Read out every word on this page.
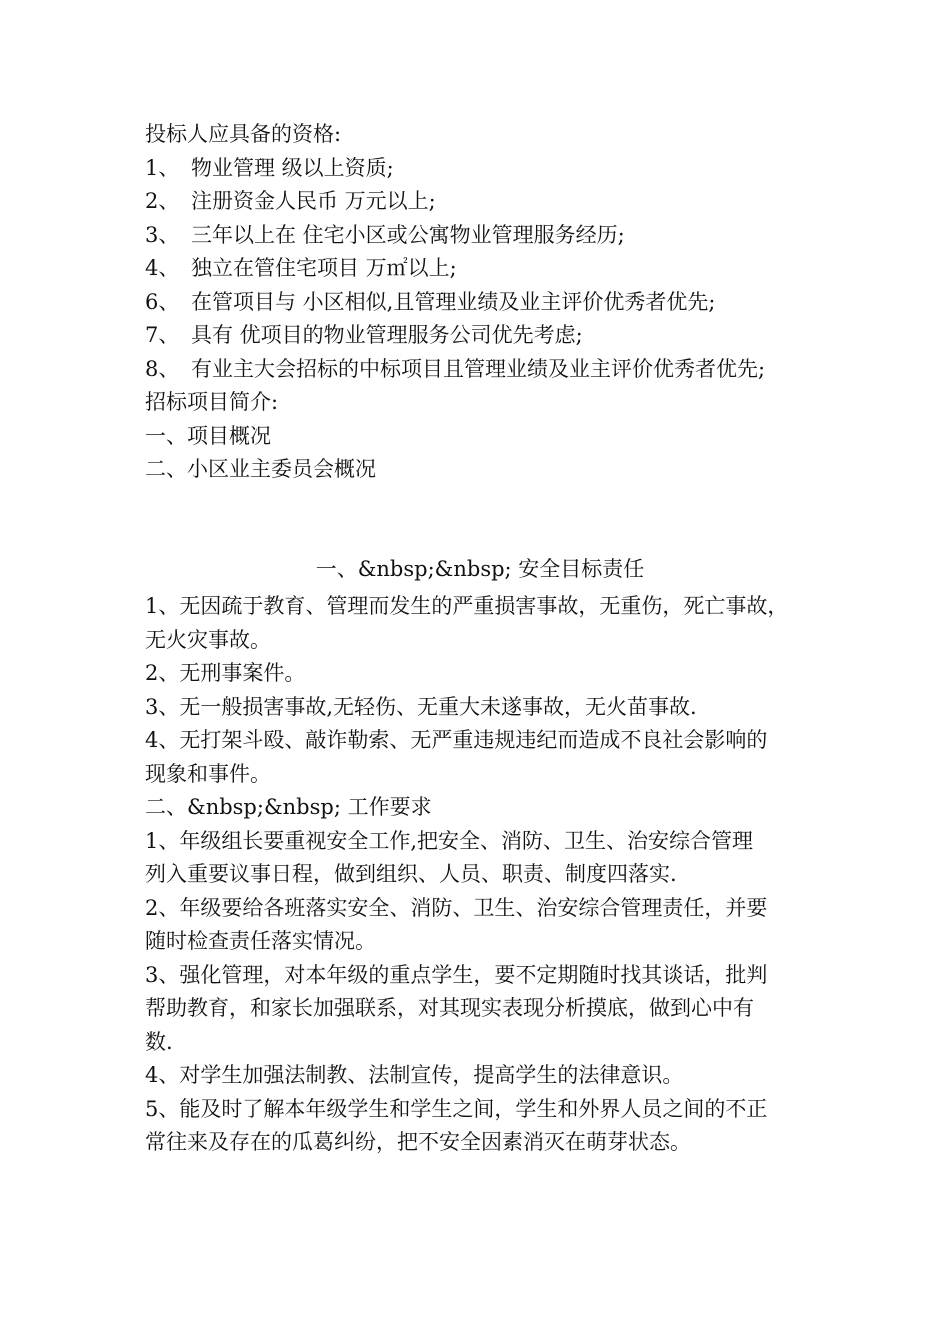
投标人应具备的资格:
1、 物业管理 级以上资质;
2、 注册资金人民币 万元以上;
3、 三年以上在 住宅小区或公寓物业管理服务经历;
4、 独立在管住宅项目 万㎡以上;
6、 在管项目与 小区相似,且管理业绩及业主评价优秀者优先;
7、 具有 优项目的物业管理服务公司优先考虑;
8、 有业主大会招标的中标项目且管理业绩及业主评价优秀者优先;
招标项目简介:
一、项目概况
二、小区业主委员会概况
一、&nbsp;&nbsp; 安全目标责任
1、无因疏于教育、管理而发生的严重损害事故，无重伤，死亡事故，
无火灾事故。
2、无刑事案件。
3、无一般损害事故,无轻伤、无重大未遂事故，无火苗事故.
4、无打架斗殴、敲诈勒索、无严重违规违纪而造成不良社会影响的
现象和事件。
二、&nbsp;&nbsp; 工作要求
1、年级组长要重视安全工作,把安全、消防、卫生、治安综合管理
列入重要议事日程，做到组织、人员、职责、制度四落实.
2、年级要给各班落实安全、消防、卫生、治安综合管理责任，并要
随时检查责任落实情况。
3、强化管理，对本年级的重点学生，要不定期随时找其谈话，批判
帮助教育，和家长加强联系，对其现实表现分析摸底，做到心中有
数.
4、对学生加强法制教、法制宣传，提高学生的法律意识。
5、能及时了解本年级学生和学生之间，学生和外界人员之间的不正
常往来及存在的瓜葛纠纷，把不安全因素消灭在萌芽状态。
